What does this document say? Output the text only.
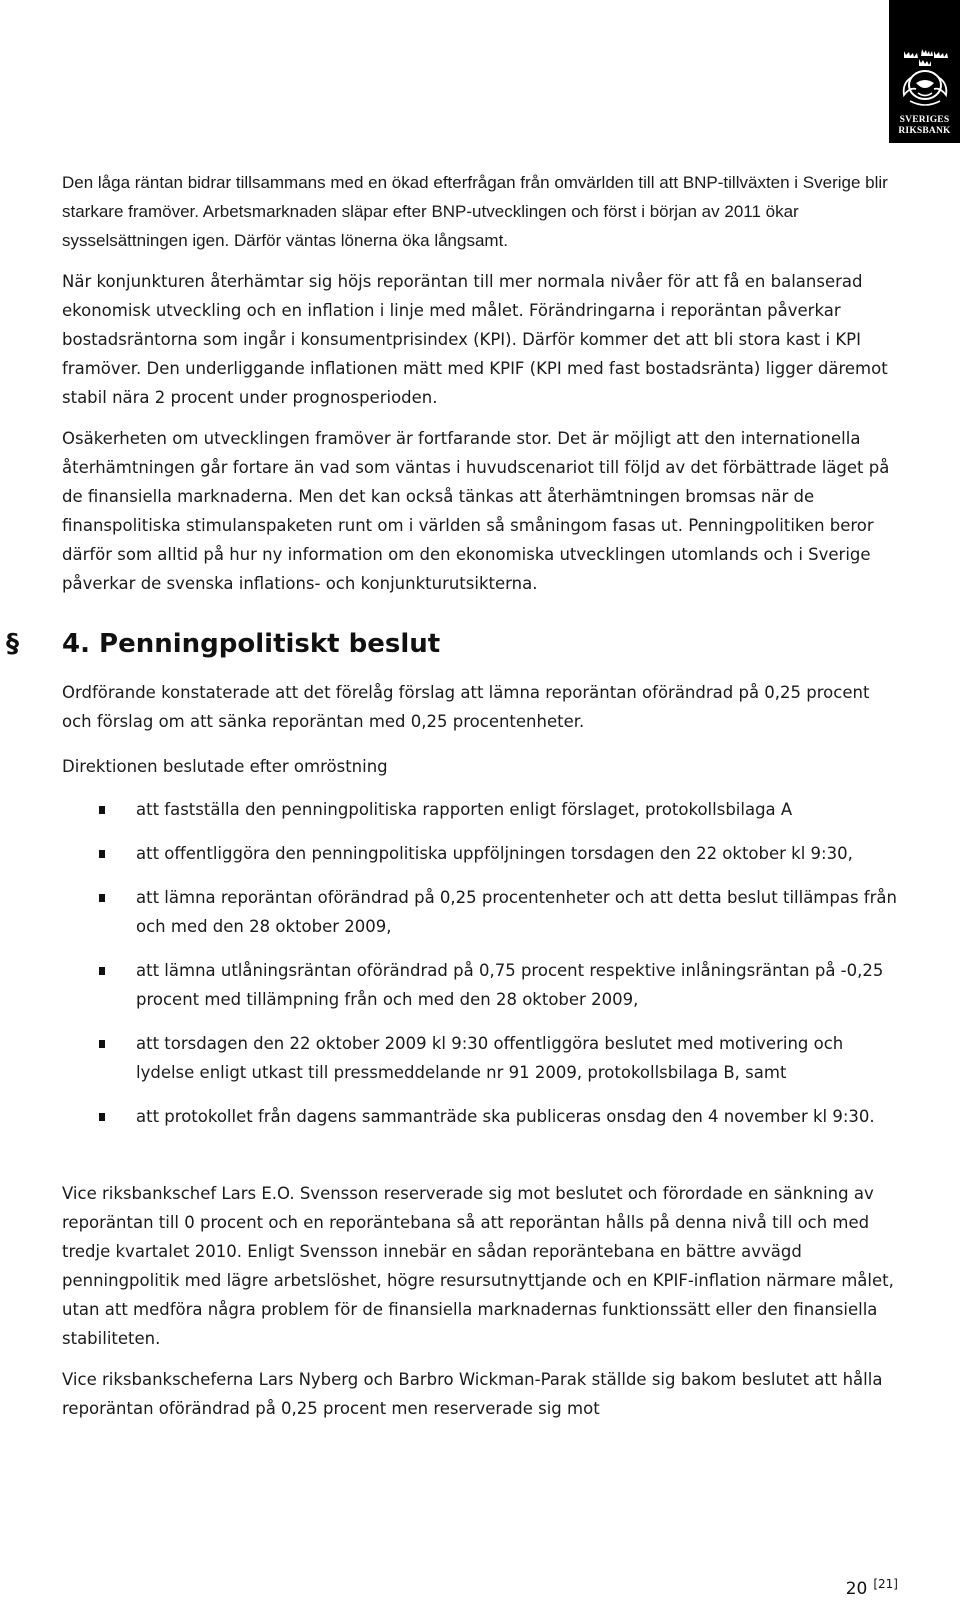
SVERIGES
RIKSBANK

Den låga räntan bidrar tillsammans med en ökad efterfrågan från omvärlden till att BNP-tillväxten i Sverige blir starkare framöver. Arbetsmarknaden släpar efter BNP-utvecklingen och först i början av 2011 ökar sysselsättningen igen. Därför väntas lönerna öka långsamt.

När konjunkturen återhämtar sig höjs reporäntan till mer normala nivåer för att få en balanserad ekonomisk utveckling och en inflation i linje med målet. Förändringarna i reporäntan påverkar bostadsräntorna som ingår i konsumentprisindex (KPI). Därför kommer det att bli stora kast i KPI framöver. Den underliggande inflationen mätt med KPIF (KPI med fast bostadsränta) ligger däremot stabil nära 2 procent under prognosperioden.

Osäkerheten om utvecklingen framöver är fortfarande stor. Det är möjligt att den internationella återhämtningen går fortare än vad som väntas i huvudscenariot till följd av det förbättrade läget på de finansiella marknaderna. Men det kan också tänkas att återhämtningen bromsas när de finanspolitiska stimulanspaketen runt om i världen så småningom fasas ut. Penningpolitiken beror därför som alltid på hur ny information om den ekonomiska utvecklingen utomlands och i Sverige påverkar de svenska inflations- och konjunkturutsikterna.

§	4. Penningpolitiskt beslut

Ordförande konstaterade att det förelåg förslag att lämna reporäntan oförändrad på 0,25 procent och förslag om att sänka reporäntan med 0,25 procentenheter.

Direktionen beslutade efter omröstning

att fastställa den penningpolitiska rapporten enligt förslaget, protokollsbilaga A
att offentliggöra den penningpolitiska uppföljningen torsdagen den 22 oktober kl 9:30,
att lämna reporäntan oförändrad på 0,25 procentenheter och att detta beslut tillämpas från och med den 28 oktober 2009,
att lämna utlåningsräntan oförändrad på 0,75 procent respektive inlåningsräntan på -0,25 procent med tillämpning från och med den 28 oktober 2009,
att torsdagen den 22 oktober 2009 kl 9:30 offentliggöra beslutet med motivering och lydelse enligt utkast till pressmeddelande nr 91 2009, protokollsbilaga B, samt
att protokollet från dagens sammanträde ska publiceras onsdag den 4 november kl 9:30.

Vice riksbankschef Lars E.O. Svensson reserverade sig mot beslutet och förordade en sänkning av reporäntan till 0 procent och en reporäntebana så att reporäntan hålls på denna nivå till och med tredje kvartalet 2010. Enligt Svensson innebär en sådan reporäntebana en bättre avvägd penningpolitik med lägre arbetslöshet, högre resursutnyttjande och en KPIF-inflation närmare målet, utan att medföra några problem för de finansiella marknadernas funktionssätt eller den finansiella stabiliteten.

Vice riksbankscheferna Lars Nyberg och Barbro Wickman-Parak ställde sig bakom beslutet att hålla reporäntan oförändrad på 0,25 procent men reserverade sig mot

20 [21]
